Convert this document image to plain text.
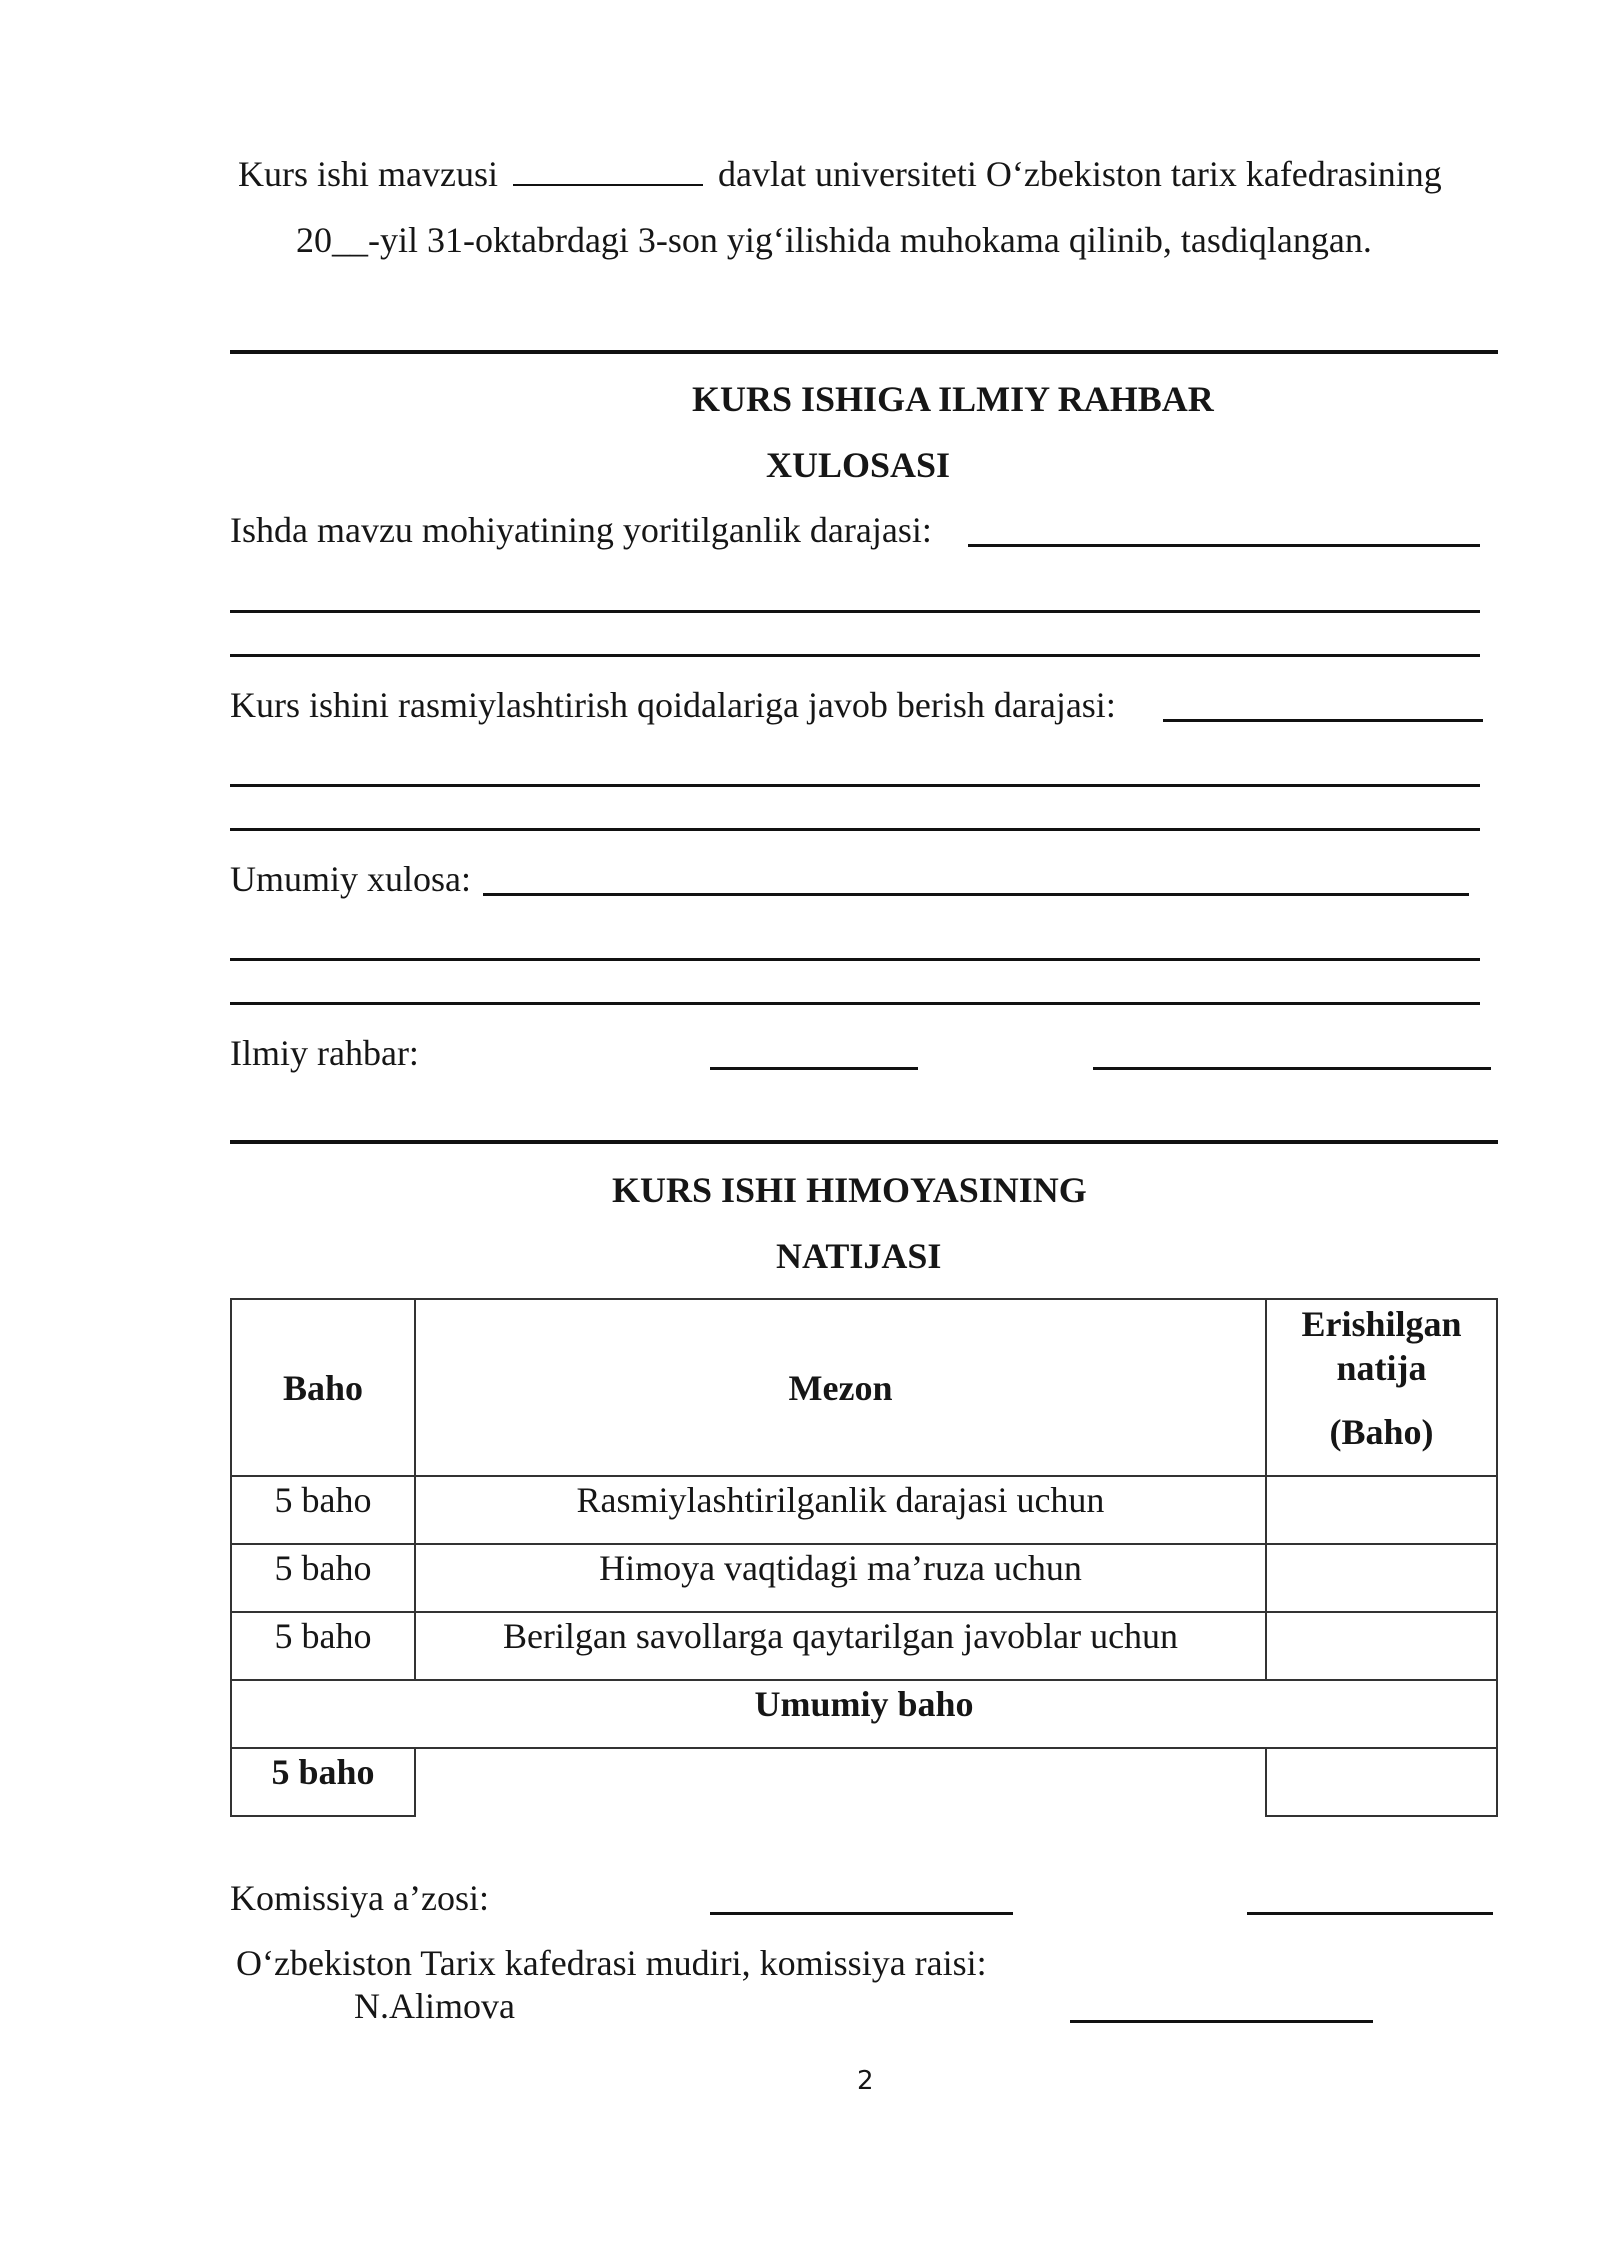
Kurs ishi mavzusi	davlat universiteti O‘zbekiston tarix kafedrasining
20__-yil 31-oktabrdagi 3-son yig‘ilishida muhokama qilinib, tasdiqlangan.
KURS ISHIGA ILMIY RAHBAR
XULOSASI
Ishda mavzu mohiyatining yoritilganlik darajasi:
Kurs ishini rasmiylashtirish qoidalariga javob berish darajasi:
Umumiy xulosa:
Ilmiy rahbar:
KURS ISHI HIMOYASINING
NATIJASI
Baho	Mezon	Erishilgan
natija
(Baho)

5 baho	Rasmiylashtirilganlik darajasi uchun	
5 baho	Himoya vaqtidagi ma’ruza uchun	
5 baho	Berilgan savollarga qaytarilgan javoblar uchun	
Umumiy baho		
5 baho		
Komissiya a’zosi:
O‘zbekiston Tarix kafedrasi mudiri, komissiya raisi:
N.Alimova
2
